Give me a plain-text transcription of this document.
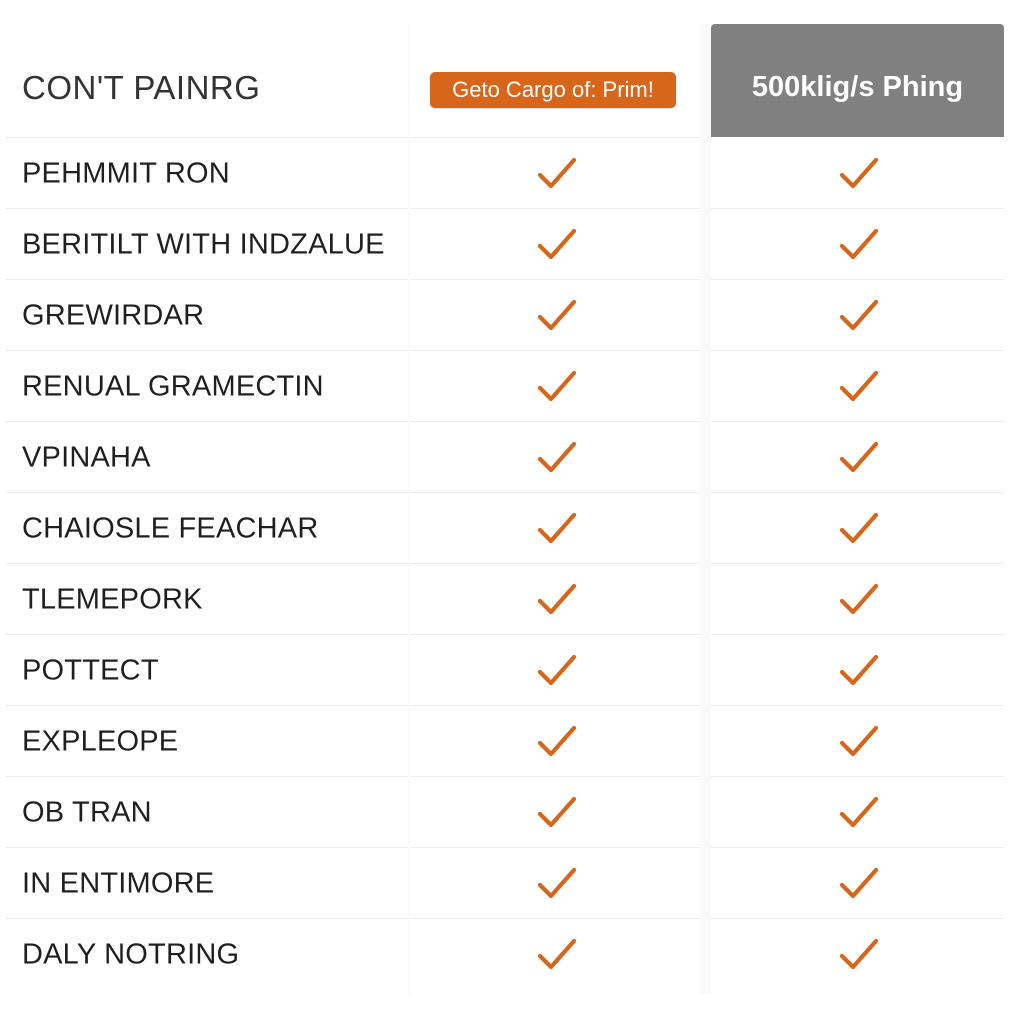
CON'T PAINRG	Geto Cargo of: Prim!	500klig/s Phing
PEHMMIT RON
BERITILT WITH INDZALUE
GREWIRDAR
RENUAL GRAMECTIN
VPINAHA
CHAIOSLE FEACHAR
TLEMEPORK
POTTECT
EXPLEOPE
OB TRAN
IN ENTIMORE
DALY NOTRING
